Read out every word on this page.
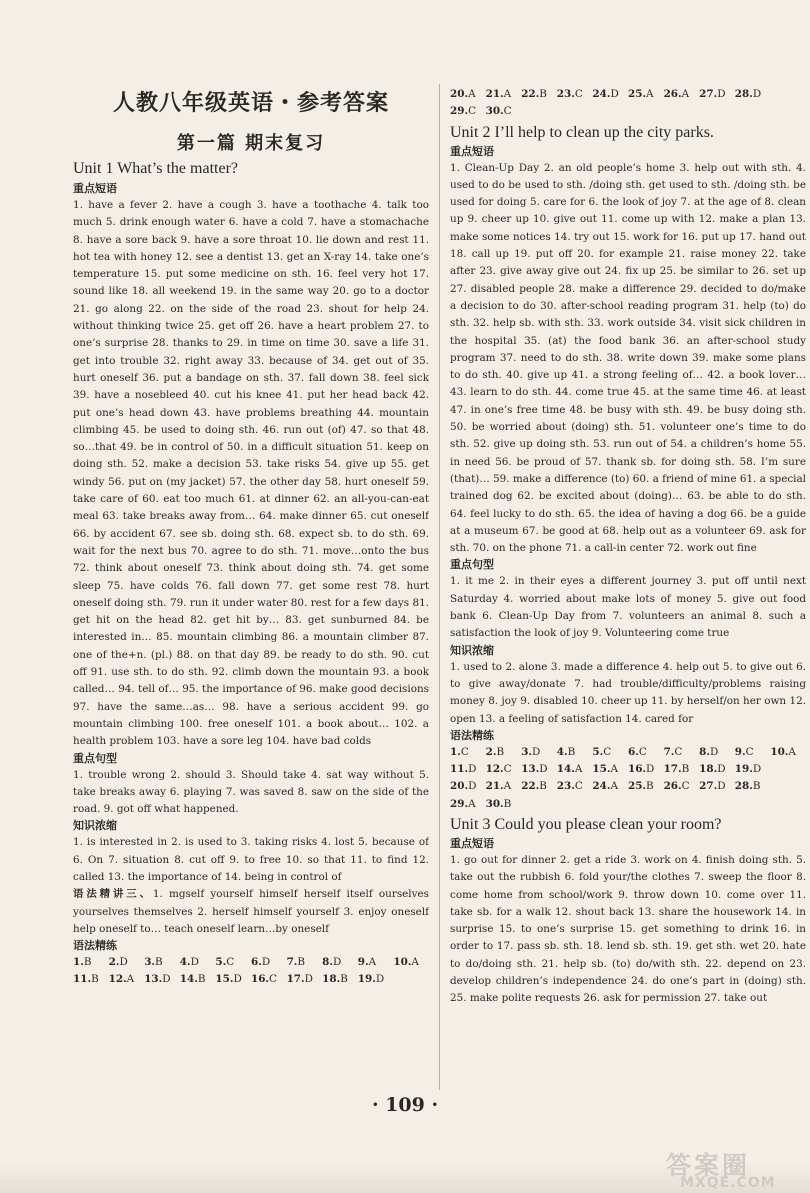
人教八年级英语・参考答案
第一篇 期末复习
Unit 1 What’s the matter?
重点短语
1. have a fever 2. have a cough 3. have a toothache 4. talk too much 5. drink enough water 6. have a cold 7. have a stomachache 8. have a sore back 9. have a sore throat 10. lie down and rest 11. hot tea with honey 12. see a dentist 13. get an X-ray 14. take one’s temperature 15. put some medicine on sth. 16. feel very hot 17. sound like 18. all weekend 19. in the same way 20. go to a doctor 21. go along 22. on the side of the road 23. shout for help 24. without thinking twice 25. get off 26. have a heart problem 27. to one’s surprise 28. thanks to 29. in time on time 30. save a life 31. get into trouble 32. right away 33. because of 34. get out of 35. hurt oneself 36. put a bandage on sth. 37. fall down 38. feel sick 39. have a nosebleed 40. cut his knee 41. put her head back 42. put one’s head down 43. have problems breathing 44. mountain climbing 45. be used to doing sth. 46. run out (of) 47. so that 48. so…that 49. be in control of 50. in a difficult situation 51. keep on doing sth. 52. make a decision 53. take risks 54. give up 55. get windy 56. put on (my jacket) 57. the other day 58. hurt oneself 59. take care of 60. eat too much 61. at dinner 62. an all-you-can-eat meal 63. take breaks away from… 64. make dinner 65. cut oneself 66. by accident 67. see sb. doing sth. 68. expect sb. to do sth. 69. wait for the next bus 70. agree to do sth. 71. move…onto the bus 72. think about oneself 73. think about doing sth. 74. get some sleep 75. have colds 76. fall down 77. get some rest 78. hurt oneself doing sth. 79. run it under water 80. rest for a few days 81. get hit on the head 82. get hit by… 83. get sunburned 84. be interested in… 85. mountain climbing 86. a mountain climber 87. one of the+n. (pl.) 88. on that day 89. be ready to do sth. 90. cut off 91. use sth. to do sth. 92. climb down the mountain 93. a book called… 94. tell of… 95. the importance of 96. make good decisions 97. have the same…as… 98. have a serious accident 99. go mountain climbing 100. free oneself 101. a book about… 102. a health problem 103. have a sore leg 104. have bad colds
重点句型
1. trouble wrong 2. should 3. Should take 4. sat way without 5. take breaks away 6. playing 7. was saved 8. saw on the side of the road. 9. got off what happened.
知识浓缩
1. is interested in 2. is used to 3. taking risks 4. lost 5. because of 6. On 7. situation 8. cut off 9. to free 10. so that 11. to find 12. called 13. the importance of 14. being in control of
语法精讲三、1. mgself yourself himself herself itself ourselves yourselves themselves 2. herself himself yourself 3. enjoy oneself help oneself to… teach oneself learn…by oneself
语法精练
1.B	2.D	3.B	4.D	5.C	6.D	7.B	8.D	9.A	10.A
11.B 12.A 13.D 14.B 15.D 16.C 17.D 18.B 19.D
20.A 21.A 22.B 23.C 24.D 25.A 26.A 27.D 28.D
29.C 30.C
Unit 2 I’ll help to clean up the city parks.
重点短语
1. Clean-Up Day 2. an old people’s home 3. help out with sth. 4. used to do be used to sth. /doing sth. get used to sth. /doing sth. be used for doing 5. care for 6. the look of joy 7. at the age of 8. clean up 9. cheer up 10. give out 11. come up with 12. make a plan 13. make some notices 14. try out 15. work for 16. put up 17. hand out 18. call up 19. put off 20. for example 21. raise money 22. take after 23. give away give out 24. fix up 25. be similar to 26. set up 27. disabled people 28. make a difference 29. decided to do/make a decision to do 30. after-school reading program 31. help (to) do sth. 32. help sb. with sth. 33. work outside 34. visit sick children in the hospital 35. (at) the food bank 36. an after-school study program 37. need to do sth. 38. write down 39. make some plans to do sth. 40. give up 41. a strong feeling of… 42. a book lover… 43. learn to do sth. 44. come true 45. at the same time 46. at least 47. in one’s free time 48. be busy with sth. 49. be busy doing sth. 50. be worried about (doing) sth. 51. volunteer one’s time to do sth. 52. give up doing sth. 53. run out of 54. a children’s home 55. in need 56. be proud of 57. thank sb. for doing sth. 58. I’m sure (that)… 59. make a difference (to) 60. a friend of mine 61. a special trained dog 62. be excited about (doing)… 63. be able to do sth. 64. feel lucky to do sth. 65. the idea of having a dog 66. be a guide at a museum 67. be good at 68. help out as a volunteer 69. ask for sth. 70. on the phone 71. a call-in center 72. work out fine
重点句型
1. it me 2. in their eyes a different journey 3. put off until next Saturday 4. worried about make lots of money 5. give out food bank 6. Clean-Up Day from 7. volunteers an animal 8. such a satisfaction the look of joy 9. Volunteering come true
知识浓缩
1. used to 2. alone 3. made a difference 4. help out 5. to give out 6. to give away/donate 7. had trouble/difficulty/problems raising money 8. joy 9. disabled 10. cheer up 11. by herself/on her own 12. open 13. a feeling of satisfaction 14. cared for
语法精练
1.C	2.B	3.D	4.B	5.C	6.C	7.C	8.D	9.C	10.A
11.D 12.C 13.D 14.A 15.A 16.D 17.B 18.D 19.D
20.D 21.A 22.B 23.C 24.A 25.B 26.C 27.D 28.B
29.A 30.B
Unit 3 Could you please clean your room?
重点短语
1. go out for dinner 2. get a ride 3. work on 4. finish doing sth. 5. take out the rubbish 6. fold your/the clothes 7. sweep the floor 8. come home from school/work 9. throw down 10. come over 11. take sb. for a walk 12. shout back 13. share the housework 14. in surprise 15. to one’s surprise 15. get something to drink 16. in order to 17. pass sb. sth. 18. lend sb. sth. 19. get sth. wet 20. hate to do/doing sth. 21. help sb. (to) do/with sth. 22. depend on 23. develop children’s independence 24. do one’s part in (doing) sth. 25. make polite requests 26. ask for permission 27. take out
· 109 ·
答案圈
MXQE.COM
